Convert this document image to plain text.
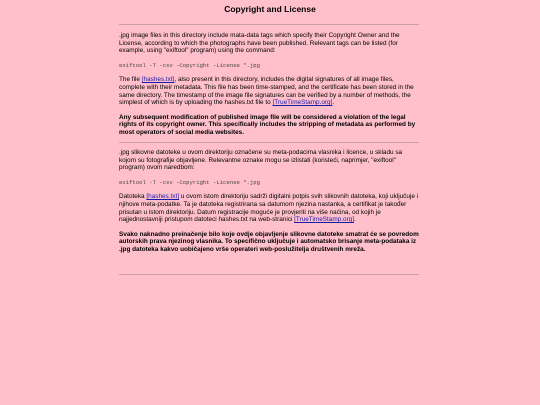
Copyright and License

.jpg image files in this directory include mata-data tags which specify their Copyright Owner and the License, according to which the photographs have been published. Relevant tags can be listed (for example, using "exiftool" program) using the command:

exiftool -T -csv -Copyright -License *.jpg

The file [hashes.txt], also present in this directory, includes the digital signatures of all image files, complete with their metadata. This file has been time-stamped, and the certificate has been stored in the same directory. The timestamp of the image file signatures can be verified by a number of methods, the simplest of which is by uploading the hashes.txt file to [TrueTimeStamp.org].

Any subsequent modification of published image file will be considered a violation of the legal rights of its copyright owner. This specifically includes the stripping of metadata as performed by most operators of social media websites.

.jpg slikovne datoteke u ovom direktoriju označene su meta-podacima vlasnika i licence, u skladu sa kojom su fotografije objavljene. Relevantne oznake mogu se izlistati (koristeći, naprimjer, "exiftool" program) ovom naredbom:

exiftool -T -csv -Copyright -License *.jpg

Datoteka [hashes.txt] u ovom istom direktoriju sadrži digitalni potpis svih slikovnih datoteka, koji uključuje i njihove meta-podatke. Ta je datoteka registrirana sa datumom njezina nastanka, a certifikat je također prisutan u istom direktoriju. Datum registracije moguće je provjeriti na više načina, od kojih je najjednostavniji pristupom datoteci hashes.txt na web-stranici [TrueTimeStamp.org].

Svako naknadno preinačenje bilo koje ovdje objavljenje slikovne datoteke smatrat će se povredom autorskih prava njezinog vlasnika. To specifično uključuje i automatsko brisanje meta-podataka iz .jpg datoteka kakvo uobičajeno vrše operateri web-poslužitelja društvenih mreža.
